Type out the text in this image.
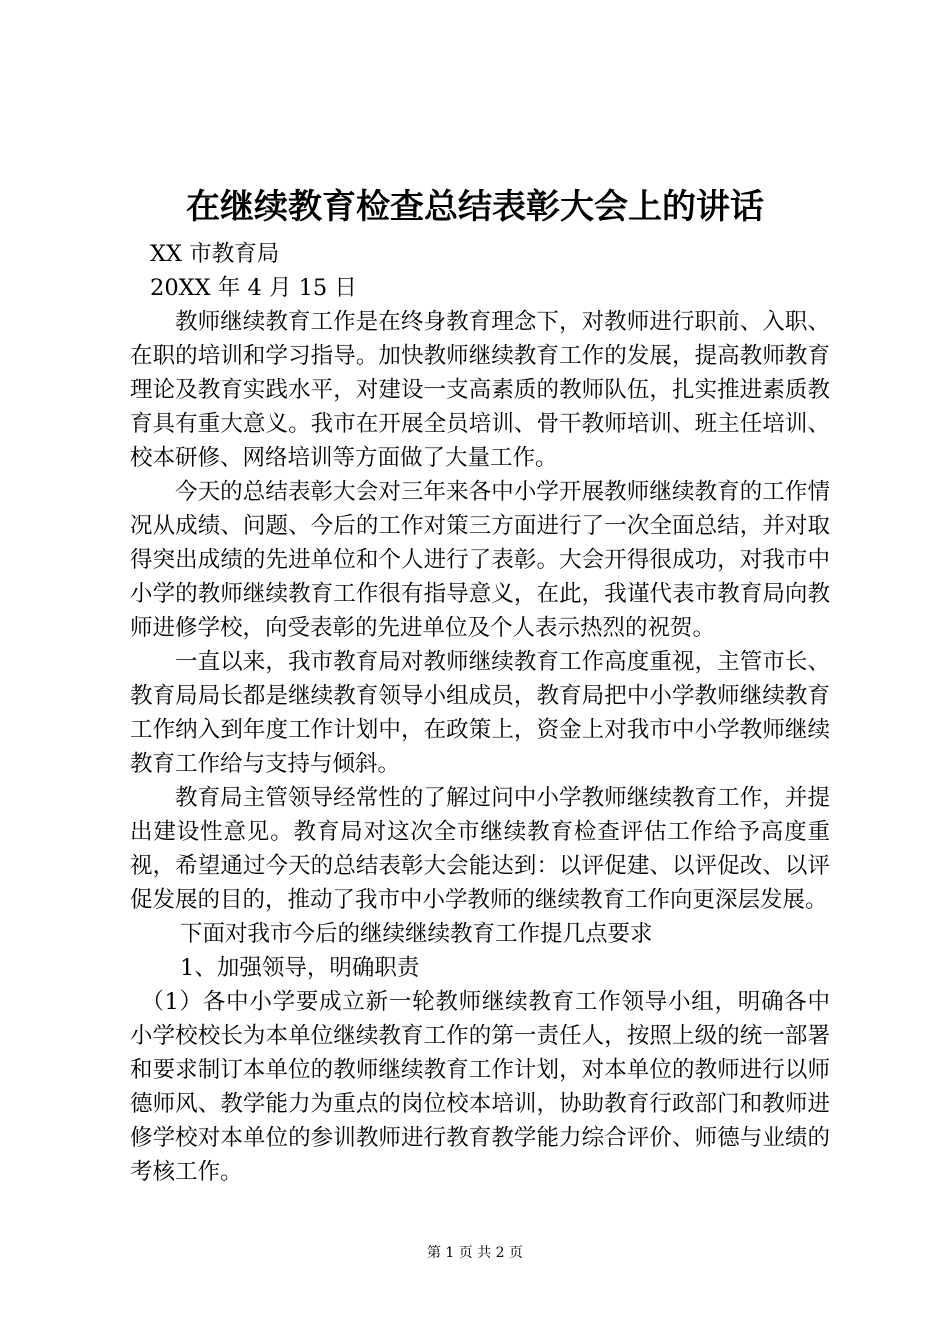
在继续教育检查总结表彰大会上的讲话
XX 市教育局
20XX 年 4 月 15 日

教师继续教育工作是在终身教育理念下，对教师进行职前、入职、在职的培训和学习指导。加快教师继续教育工作的发展，提高教师教育理论及教育实践水平，对建设一支高素质的教师队伍，扎实推进素质教育具有重大意义。我市在开展全员培训、骨干教师培训、班主任培训、校本研修、网络培训等方面做了大量工作。

今天的总结表彰大会对三年来各中小学开展教师继续教育的工作情况从成绩、问题、今后的工作对策三方面进行了一次全面总结，并对取得突出成绩的先进单位和个人进行了表彰。大会开得很成功，对我市中小学的教师继续教育工作很有指导意义，在此，我谨代表市教育局向教师进修学校，向受表彰的先进单位及个人表示热烈的祝贺。

一直以来，我市教育局对教师继续教育工作高度重视，主管市长、教育局局长都是继续教育领导小组成员，教育局把中小学教师继续教育工作纳入到年度工作计划中，在政策上，资金上对我市中小学教师继续教育工作给与支持与倾斜。

教育局主管领导经常性的了解过问中小学教师继续教育工作，并提出建设性意见。教育局对这次全市继续教育检查评估工作给予高度重视，希望通过今天的总结表彰大会能达到：以评促建、以评促改、以评促发展的目的，推动了我市中小学教师的继续教育工作向更深层发展。

下面对我市今后的继续继续教育工作提几点要求
1、加强领导，明确职责

（1）各中小学要成立新一轮教师继续教育工作领导小组，明确各中小学校校长为本单位继续教育工作的第一责任人，按照上级的统一部署和要求制订本单位的教师继续教育工作计划，对本单位的教师进行以师德师风、教学能力为重点的岗位校本培训，协助教育行政部门和教师进修学校对本单位的参训教师进行教育教学能力综合评价、师德与业绩的考核工作。

第 1 页 共 2 页
